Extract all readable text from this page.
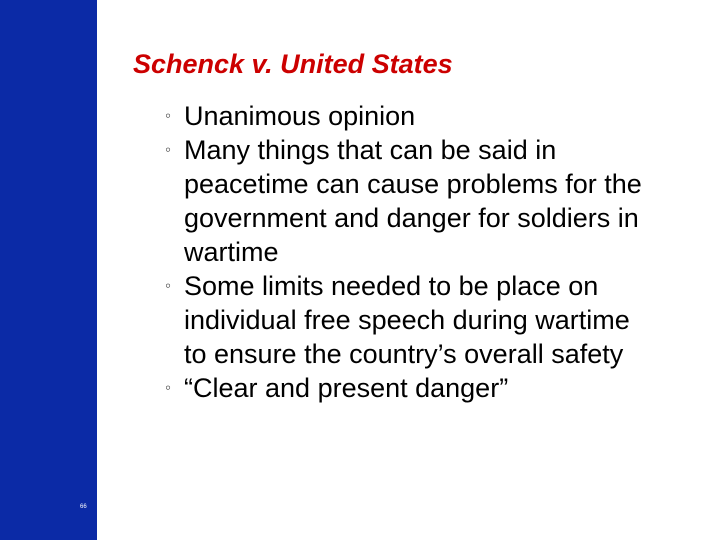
66
Schenck v. United States
◦ Unanimous opinion
◦ Many things that can be said in peacetime can cause problems for the government and danger for soldiers in wartime
◦ Some limits needed to be place on individual free speech during wartime to ensure the country’s overall safety
◦ “Clear and present danger”
